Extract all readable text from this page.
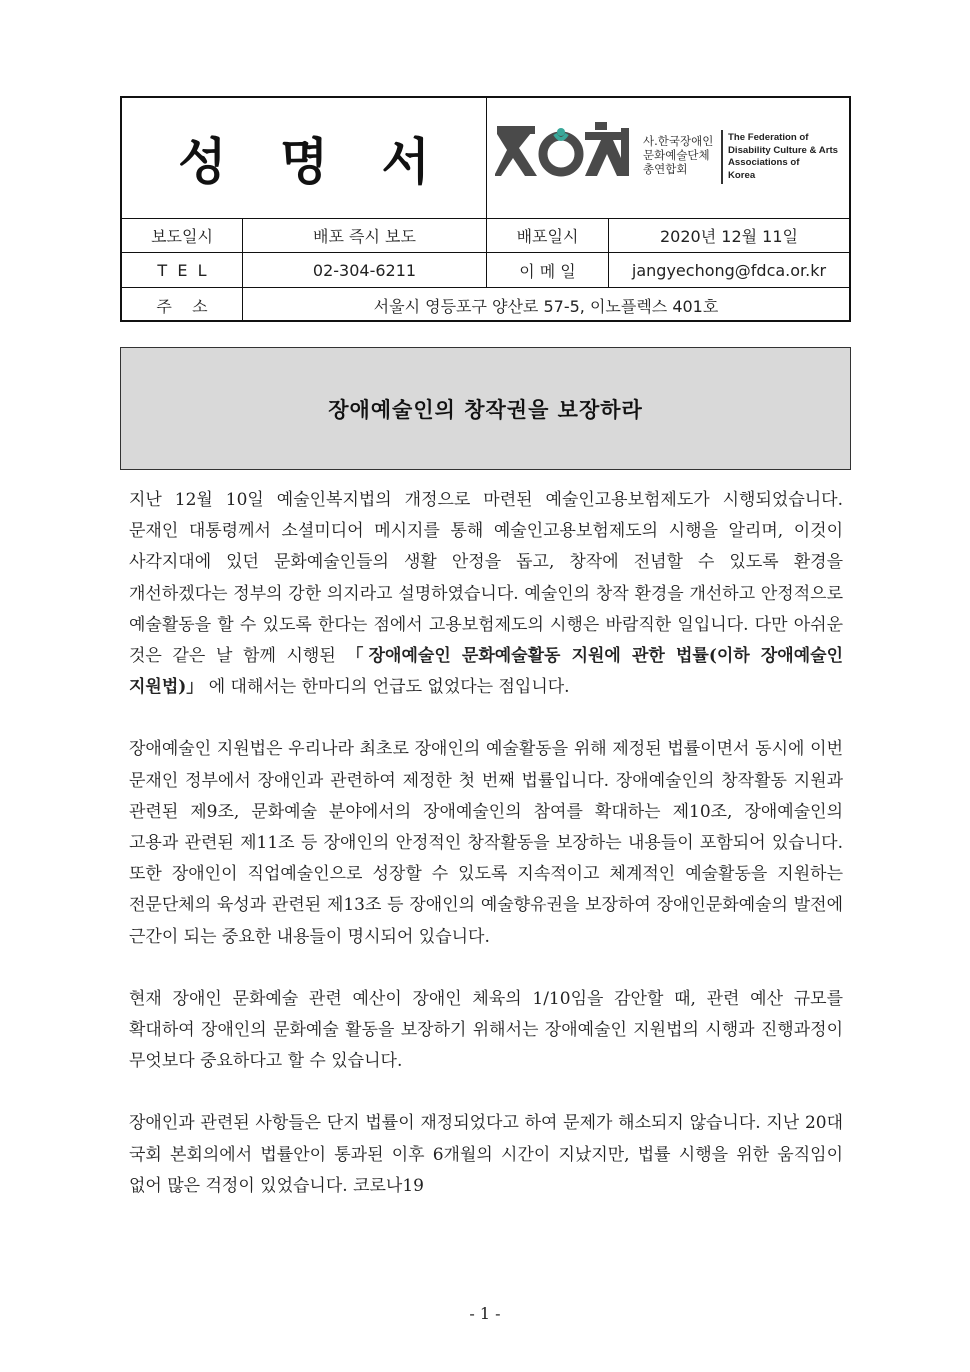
성 명 서	사.한국장애인
문화예술단체
총연합회
The Federation of
Disability Culture & Arts
Associations of
Korea
보도일시	배포 즉시 보도	배포일시	2020년 12월 11일
T  E  L	02-304-6211	이 메 일	jangyechong@fdca.or.kr
주    소	서울시 영등포구 양산로 57-5, 이노플렉스 401호
장애예술인의 창작권을 보장하라

지난 12월 10일 예술인복지법의 개정으로 마련된 예술인고용보험제도가 시행되었습니다. 문재인 대통령께서 소셜미디어 메시지를 통해 예술인고용보험제도의 시행을 알리며, 이것이 사각지대에 있던 문화예술인들의 생활 안정을 돕고, 창작에 전념할 수 있도록 환경을 개선하겠다는 정부의 강한 의지라고 설명하였습니다. 예술인의 창작 환경을 개선하고 안정적으로 예술활동을 할 수 있도록 한다는 점에서 고용보험제도의 시행은 바람직한 일입니다. 다만 아쉬운 것은 같은 날 함께 시행된 「장애예술인 문화예술활동 지원에 관한 법률(이하 장애예술인 지원법)」 에 대해서는 한마디의 언급도 없었다는 점입니다.

장애예술인 지원법은 우리나라 최초로 장애인의 예술활동을 위해 제정된 법률이면서 동시에 이번 문재인 정부에서 장애인과 관련하여 제정한 첫 번째 법률입니다. 장애예술인의 창작활동 지원과 관련된 제9조, 문화예술 분야에서의 장애예술인의 참여를 확대하는 제10조, 장애예술인의 고용과 관련된 제11조 등 장애인의 안정적인 창작활동을 보장하는 내용들이 포함되어 있습니다. 또한 장애인이 직업예술인으로 성장할 수 있도록 지속적이고 체계적인 예술활동을 지원하는 전문단체의 육성과 관련된 제13조 등 장애인의 예술향유권을 보장하여 장애인문화예술의 발전에 근간이 되는 중요한 내용들이 명시되어 있습니다.

현재 장애인 문화예술 관련 예산이 장애인 체육의 1/10임을 감안할 때, 관련 예산 규모를 확대하여 장애인의 문화예술 활동을 보장하기 위해서는 장애예술인 지원법의 시행과 진행과정이 무엇보다 중요하다고 할 수 있습니다.

장애인과 관련된 사항들은 단지 법률이 재정되었다고 하여 문제가 해소되지 않습니다. 지난 20대 국회 본회의에서 법률안이 통과된 이후 6개월의 시간이 지났지만, 법률 시행을 위한 움직임이 없어 많은 걱정이 있었습니다. 코로나19

- 1 -
